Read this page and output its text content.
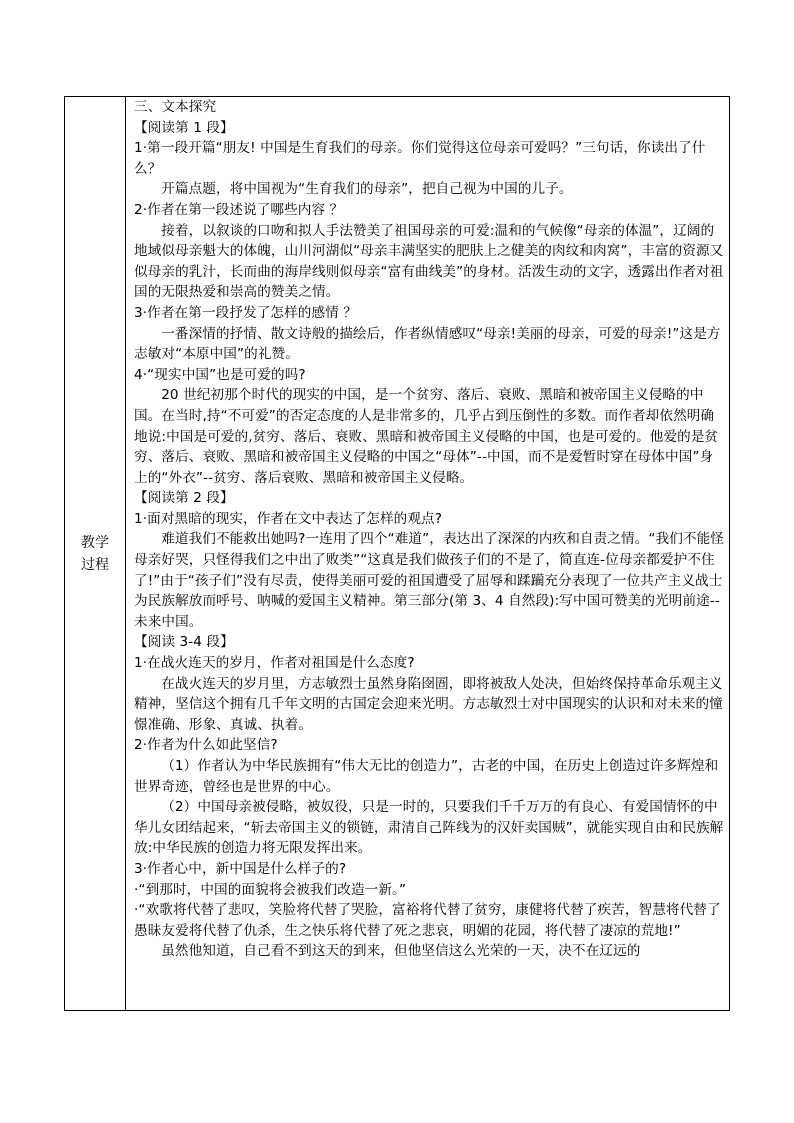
教学过程

三、文本探究

【阅读第 1 段】

1·第一段开篇“朋友! 中国是生育我们的母亲。你们觉得这位母亲可爱吗？”三句话，你读出了什么？

开篇点题，将中国视为“生育我们的母亲”，把自己视为中国的儿子。

2·作者在第一段述说了哪些内容 ？

接着，以叙谈的口吻和拟人手法赞美了祖国母亲的可爱:温和的气候像“母亲的体温”，辽阔的地域似母亲魁大的体魄，山川河湖似“母亲丰满坚实的肥肤上之健美的肉纹和肉窝”，丰富的资源又似母亲的乳汁，长而曲的海岸线则似母亲“富有曲线美”的身材。活泼生动的文字，透露出作者对祖国的无限热爱和崇高的赞美之情。

3·作者在第一段抒发了怎样的感情 ？

一番深情的抒情、散文诗般的描绘后，作者纵情感叹“母亲!美丽的母亲，可爱的母亲!”这是方志敏对“本原中国”的礼赞。

4·“现实中国”也是可爱的吗?

20 世纪初那个时代的现实的中国，是一个贫穷、落后、衰败、黑暗和被帝国主义侵略的中国。在当时,持“不可爱”的否定态度的人是非常多的，几乎占到压倒性的多数。而作者却依然明确地说:中国是可爱的,贫穷、落后、衰败、黑暗和被帝国主义侵略的中国，也是可爱的。他爱的是贫穷、落后、衰败、黑暗和被帝国主义侵略的中国之“母体”--中国，而不是爱暂时穿在母体中国”身上的“外衣”--贫穷、落后衰败、黑暗和被帝国主义侵略。

【阅读第 2 段】

1·面对黑暗的现实，作者在文中表达了怎样的观点?

难道我们不能救出她吗?一连用了四个“难道”，表达出了深深的内疚和自责之情。“我们不能怪母亲好哭，只怪得我们之中出了败类”“这真是我们做孩子们的不是了，简直连-位母亲都爱护不住了!”由于“孩子们”没有尽责，使得美丽可爱的祖国遭受了屈辱和蹂躏充分表现了一位共产主义战士为民族解放而呼号、呐喊的爱国主义精神。第三部分(第 3、4 自然段):写中国可赞美的光明前途--未来中国。

【阅读 3-4 段】

1·在战火连天的岁月，作者对祖国是什么态度?

在战火连天的岁月里，方志敏烈士虽然身陷囹圄，即将被敌人处决，但始终保持革命乐观主义精神，坚信这个拥有几千年文明的古国定会迎来光明。方志敏烈士对中国现实的认识和对未来的憧憬准确、形象、真诚、执着。

2·作者为什么如此坚信?

（1）作者认为中华民族拥有“伟大无比的创造力”，古老的中国，在历史上创造过许多辉煌和世界奇迹，曾经也是世界的中心。

（2）中国母亲被侵略，被奴役，只是一时的，只要我们千千万万的有良心、有爱国情怀的中华儿女团结起来，“斩去帝国主义的锁链，肃清自己阵线为的汉奸卖国贼”，就能实现自由和民族解放:中华民族的创造力将无限发挥出来。

3·作者心中，新中国是什么样子的?

·“到那时，中国的面貌将会被我们改造一新。”

·“欢歌将代替了悲叹，笑脸将代替了哭脸，富裕将代替了贫穷，康健将代替了疾苦，智慧将代替了愚昧友爱将代替了仇杀，生之快乐将代替了死之悲哀，明媚的花园，将代替了凄凉的荒地!”

虽然他知道，自己看不到这天的到来，但他坚信这么光荣的一天，决不在辽远的
